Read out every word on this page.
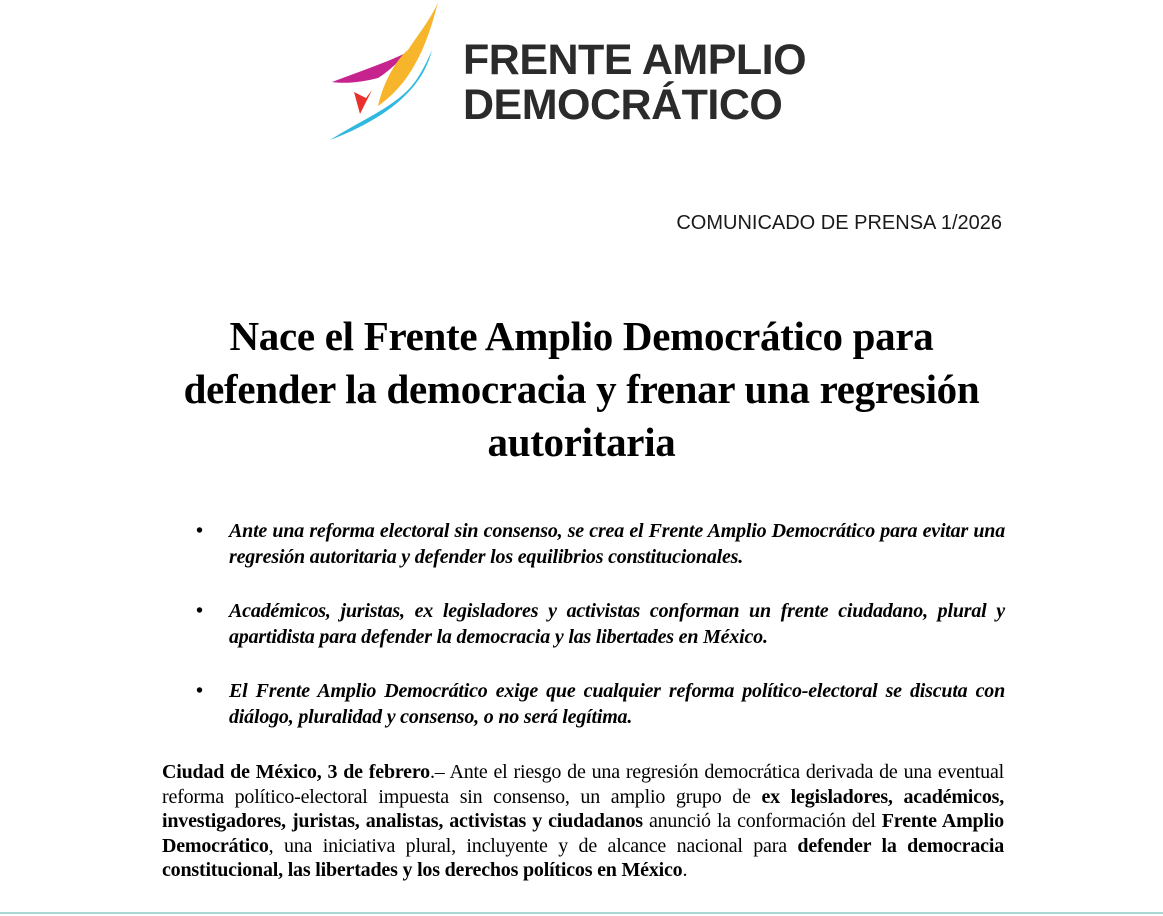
FRENTE AMPLIO
DEMOCRÁTICO
COMUNICADO DE PRENSA 1/2026
Nace el Frente Amplio Democrático para defender la democracia y frenar una regresión autoritaria
• Ante una reforma electoral sin consenso, se crea el Frente Amplio Democrático para evitar una regresión autoritaria y defender los equilibrios constitucionales.
• Académicos, juristas, ex legisladores y activistas conforman un frente ciudadano, plural y apartidista para defender la democracia y las libertades en México.
• El Frente Amplio Democrático exige que cualquier reforma político-electoral se discuta con diálogo, pluralidad y consenso, o no será legítima.

Ciudad de México, 3 de febrero.– Ante el riesgo de una regresión democrática derivada de una eventual reforma político-electoral impuesta sin consenso, un amplio grupo de ex legisladores, académicos, investigadores, juristas, analistas, activistas y ciudadanos anunció la conformación del Frente Amplio Democrático, una iniciativa plural, incluyente y de alcance nacional para defender la democracia constitucional, las libertades y los derechos políticos en México.
